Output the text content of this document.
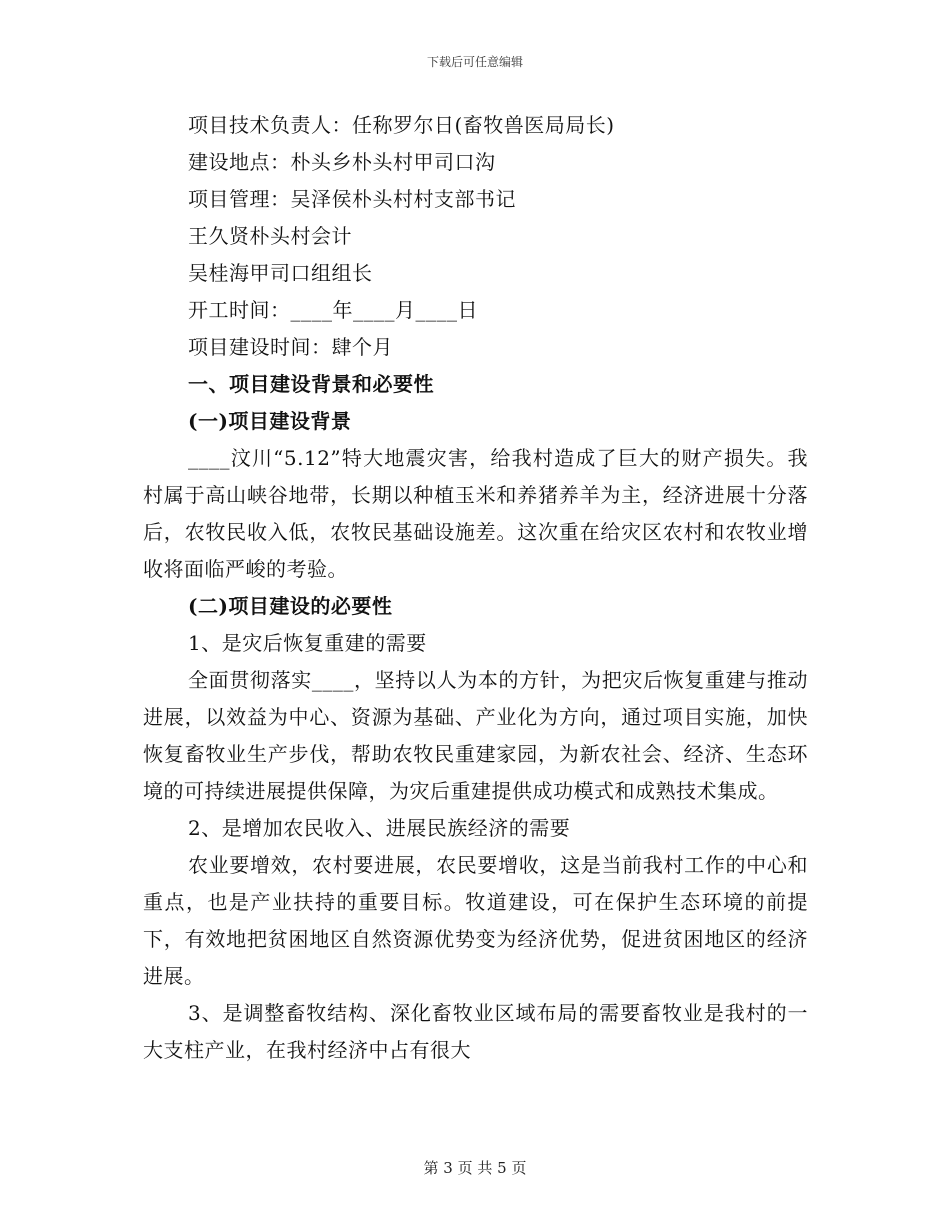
下载后可任意编辑
项目技术负责人：任称罗尔日(畜牧兽医局局长)
建设地点：朴头乡朴头村甲司口沟
项目管理：吴泽侯朴头村村支部书记
王久贤朴头村会计
吴桂海甲司口组组长
开工时间：____年____月____日
项目建设时间：肆个月
一、项目建设背景和必要性
(一)项目建设背景

____汶川“5.12”特大地震灾害，给我村造成了巨大的财产损失。我村属于高山峡谷地带，长期以种植玉米和养猪养羊为主，经济进展十分落后，农牧民收入低，农牧民基础设施差。这次重在给灾区农村和农牧业增收将面临严峻的考验。

(二)项目建设的必要性
1、是灾后恢复重建的需要

全面贯彻落实____，坚持以人为本的方针，为把灾后恢复重建与推动进展，以效益为中心、资源为基础、产业化为方向，通过项目实施，加快恢复畜牧业生产步伐，帮助农牧民重建家园，为新农社会、经济、生态环境的可持续进展提供保障，为灾后重建提供成功模式和成熟技术集成。

2、是增加农民收入、进展民族经济的需要

农业要增效，农村要进展，农民要增收，这是当前我村工作的中心和重点，也是产业扶持的重要目标。牧道建设，可在保护生态环境的前提下，有效地把贫困地区自然资源优势变为经济优势，促进贫困地区的经济进展。

3、是调整畜牧结构、深化畜牧业区域布局的需要畜牧业是我村的一大支柱产业，在我村经济中占有很大

第 3 页 共 5 页
